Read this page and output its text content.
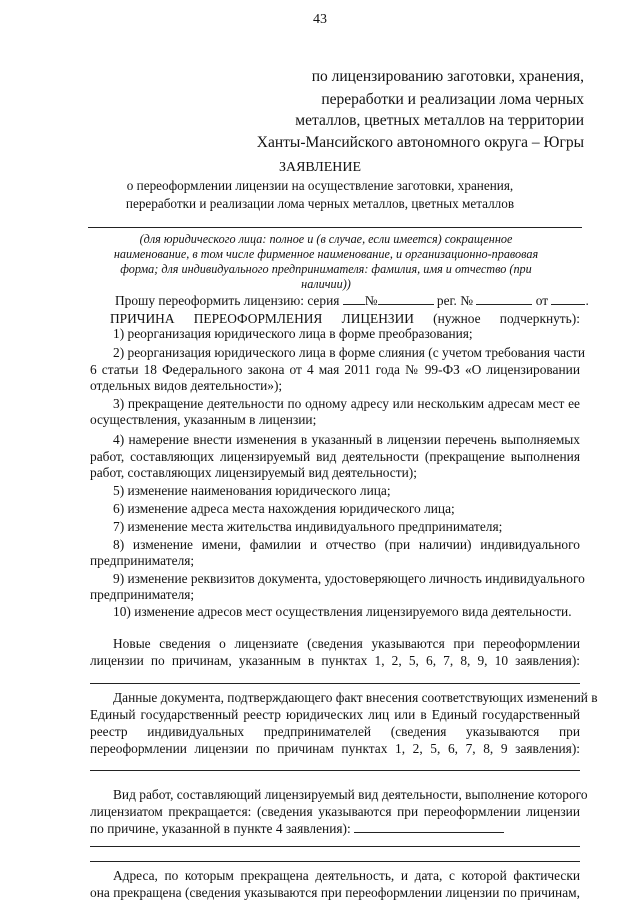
43
по лицензированию заготовки, хранения,
переработки и реализации лома черных
металлов, цветных металлов на территории
Ханты-Мансийского автономного округа – Югры
ЗАЯВЛЕНИЕ
о переоформлении лицензии на осуществление заготовки, хранения,
переработки и реализации лома черных металлов, цветных металлов
(для юридического лица: полное и (в случае, если имеется) сокращенное
наименование, в том числе фирменное наименование, и организационно-правовая
форма; для индивидуального предпринимателя: фамилия, имя и отчество (при
наличии))
Прошу переоформить лицензию: серия №	рег. №	от	.
ПРИЧИНА ПЕРЕОФОРМЛЕНИЯ ЛИЦЕНЗИИ (нужное подчеркнуть):
1) реорганизация юридического лица в форме преобразования;
2) реорганизация юридического лица в форме слияния (с учетом требования части
6 статьи 18 Федерального закона от 4 мая 2011 года № 99-ФЗ «О лицензировании
отдельных видов деятельности»);
3) прекращение деятельности по одному адресу или нескольким адресам мест ее
осуществления, указанным в лицензии;
4) намерение внести изменения в указанный в лицензии перечень выполняемых
работ, составляющих лицензируемый вид деятельности (прекращение выполнения
работ, составляющих лицензируемый вид деятельности);
5) изменение наименования юридического лица;
6) изменение адреса места нахождения юридического лица;
7) изменение места жительства индивидуального предпринимателя;
8) изменение имени, фамилии и отчество (при наличии) индивидуального
предпринимателя;
9) изменение реквизитов документа, удостоверяющего личность индивидуального
предпринимателя;
10) изменение адресов мест осуществления лицензируемого вида деятельности.
Новые сведения о лицензиате (сведения указываются при переоформлении
лицензии по причинам, указанным в пунктах 1, 2, 5, 6, 7, 8, 9, 10 заявления):
Данные документа, подтверждающего факт внесения соответствующих изменений в
Единый государственный реестр юридических лиц или в Единый государственный
реестр индивидуальных предпринимателей (сведения указываются при
переоформлении лицензии по причинам пунктах 1, 2, 5, 6, 7, 8, 9 заявления):
Вид работ, составляющий лицензируемый вид деятельности, выполнение которого
лицензиатом прекращается: (сведения указываются при переоформлении лицензии
по причине, указанной в пункте 4 заявления):
Адреса, по которым прекращена деятельность, и дата, с которой фактически
она прекращена (сведения указываются при переоформлении лицензии по причинам,
